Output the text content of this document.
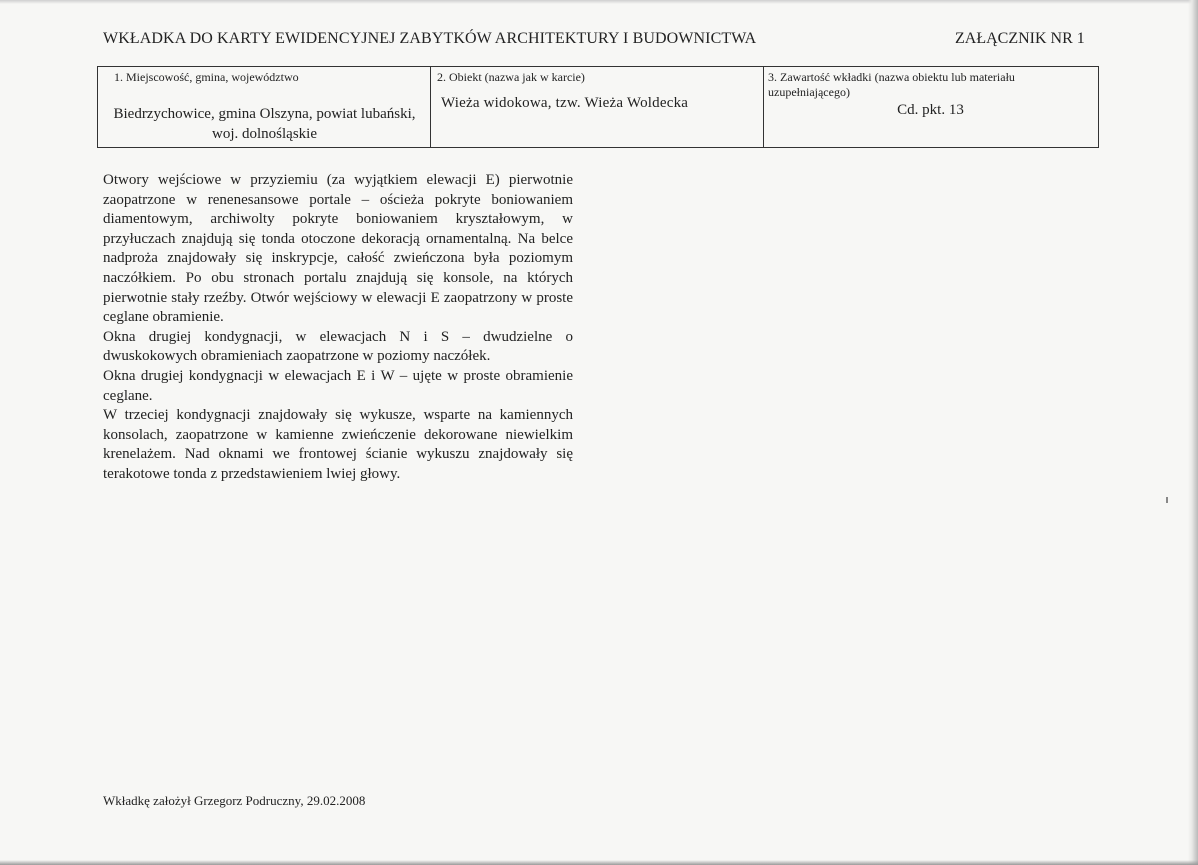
WKŁADKA DO KARTY EWIDENCYJNEJ ZABYTKÓW ARCHITEKTURY I BUDOWNICTWA	ZAŁĄCZNIK NR 1
1. Miejscowość, gmina, województwo
Biedrzychowice, gmina Olszyna, powiat lubański, woj. dolnośląskie
2. Obiekt (nazwa jak w karcie)
Wieża widokowa, tzw. Wieża Woldecka
3. Zawartość wkładki (nazwa obiektu lub materiału uzupełniającego)
Cd. pkt. 13

Otwory wejściowe w przyziemiu (za wyjątkiem elewacji E) pierwotnie zaopatrzone w renenesansowe portale – ościeża pokryte boniowaniem diamentowym, archiwolty pokryte boniowaniem kryształowym, w przyłuczach znajdują się tonda otoczone dekoracją ornamentalną. Na belce nadproża znajdowały się inskrypcje, całość zwieńczona była poziomym naczółkiem. Po obu stronach portalu znajdują się konsole, na których pierwotnie stały rzeźby. Otwór wejściowy w elewacji E zaopatrzony w proste ceglane obramienie.

Okna drugiej kondygnacji, w elewacjach N i S – dwudzielne o dwuskokowych obramieniach zaopatrzone w poziomy naczółek.

Okna drugiej kondygnacji w elewacjach E i W – ujęte w proste obramienie ceglane.

W trzeciej kondygnacji znajdowały się wykusze, wsparte na kamiennych konsolach, zaopatrzone w kamienne zwieńczenie dekorowane niewielkim krenelażem. Nad oknami we frontowej ścianie wykuszu znajdowały się terakotowe tonda z przedstawieniem lwiej głowy.

Wkładkę założył Grzegorz Podruczny, 29.02.2008
